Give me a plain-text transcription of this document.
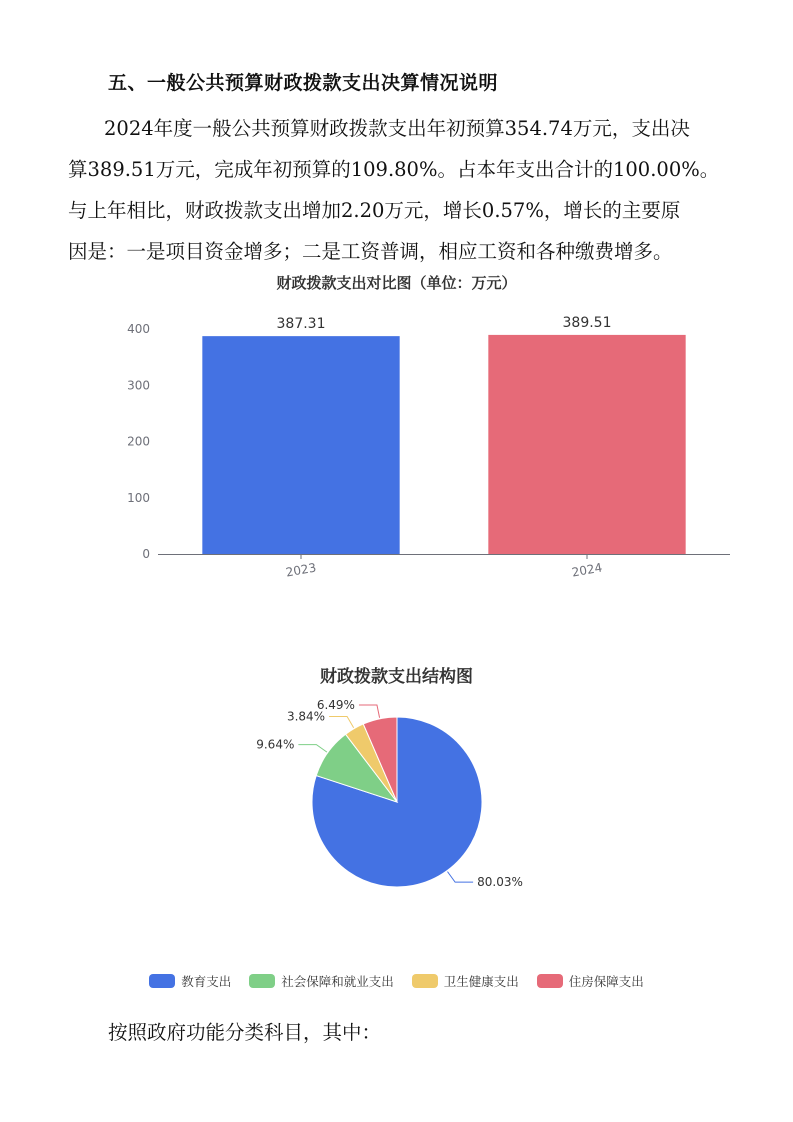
五、一般公共预算财政拨款支出决算情况说明
2024年度一般公共预算财政拨款支出年初预算354.74万元，支出决
算389.51万元，完成年初预算的109.80%。占本年支出合计的100.00%。
与上年相比，财政拨款支出增加2.20万元，增长0.57%，增长的主要原
因是：一是项目资金增多；二是工资普调，相应工资和各种缴费增多。
财政拨款支出对比图（单位：万元）
0
100
200
300
400	387.31
2023
389.51
2024
财政拨款支出结构图
80.03%
9.64%
3.84%
6.49%
教育支出	社会保障和就业支出	卫生健康支出	住房保障支出
按照政府功能分类科目，其中：
